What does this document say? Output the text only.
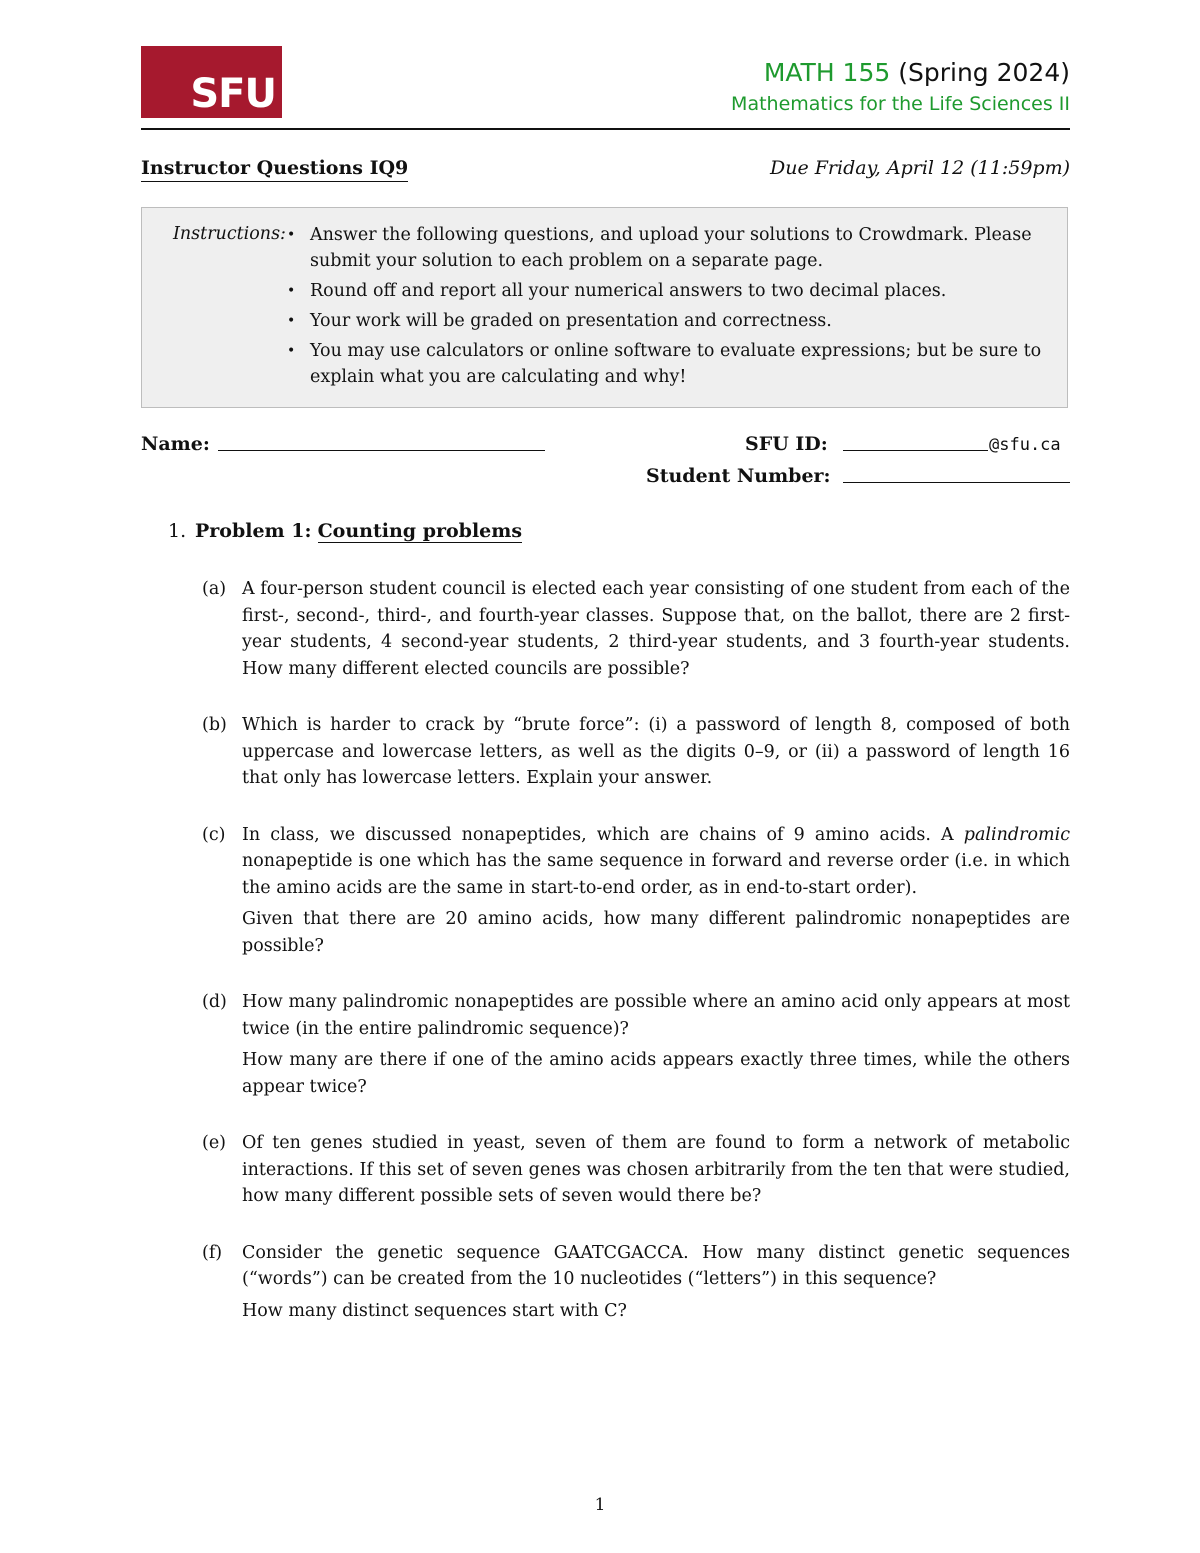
SFU	MATH 155 (Spring 2024)
Mathematics for the Life Sciences II
Instructor Questions IQ9	Due Friday, April 12 (11:59pm)
Instructions: • Answer the following questions, and upload your solutions to Crowdmark. Please submit your solution to each problem on a separate page.
• Round off and report all your numerical answers to two decimal places.
• Your work will be graded on presentation and correctness.
• You may use calculators or online software to evaluate expressions; but be sure to explain what you are calculating and why!
Name:	SFU ID:	@sfu.ca
Student Number:
1. Problem 1: Counting problems
(a) A four-person student council is elected each year consisting of one student from each of the first-, second-, third-, and fourth-year classes. Suppose that, on the ballot, there are 2 first-year students, 4 second-year students, 2 third-year students, and 3 fourth-year students. How many different elected councils are possible?

(b) Which is harder to crack by “brute force”: (i) a password of length 8, composed of both uppercase and lowercase letters, as well as the digits 0–9, or (ii) a password of length 16 that only has lowercase letters. Explain your answer.

(c) In class, we discussed nonapeptides, which are chains of 9 amino acids. A palindromic nonapeptide is one which has the same sequence in forward and reverse order (i.e. in which the amino acids are the same in start-to-end order, as in end-to-start order).

Given that there are 20 amino acids, how many different palindromic nonapeptides are possible?

(d) How many palindromic nonapeptides are possible where an amino acid only appears at most twice (in the entire palindromic sequence)?

How many are there if one of the amino acids appears exactly three times, while the others appear twice?

(e) Of ten genes studied in yeast, seven of them are found to form a network of metabolic interactions. If this set of seven genes was chosen arbitrarily from the ten that were studied, how many different possible sets of seven would there be?

(f) Consider the genetic sequence GAATCGACCA. How many distinct genetic sequences (“words”) can be created from the 10 nucleotides (“letters”) in this sequence?

How many distinct sequences start with C?

1
